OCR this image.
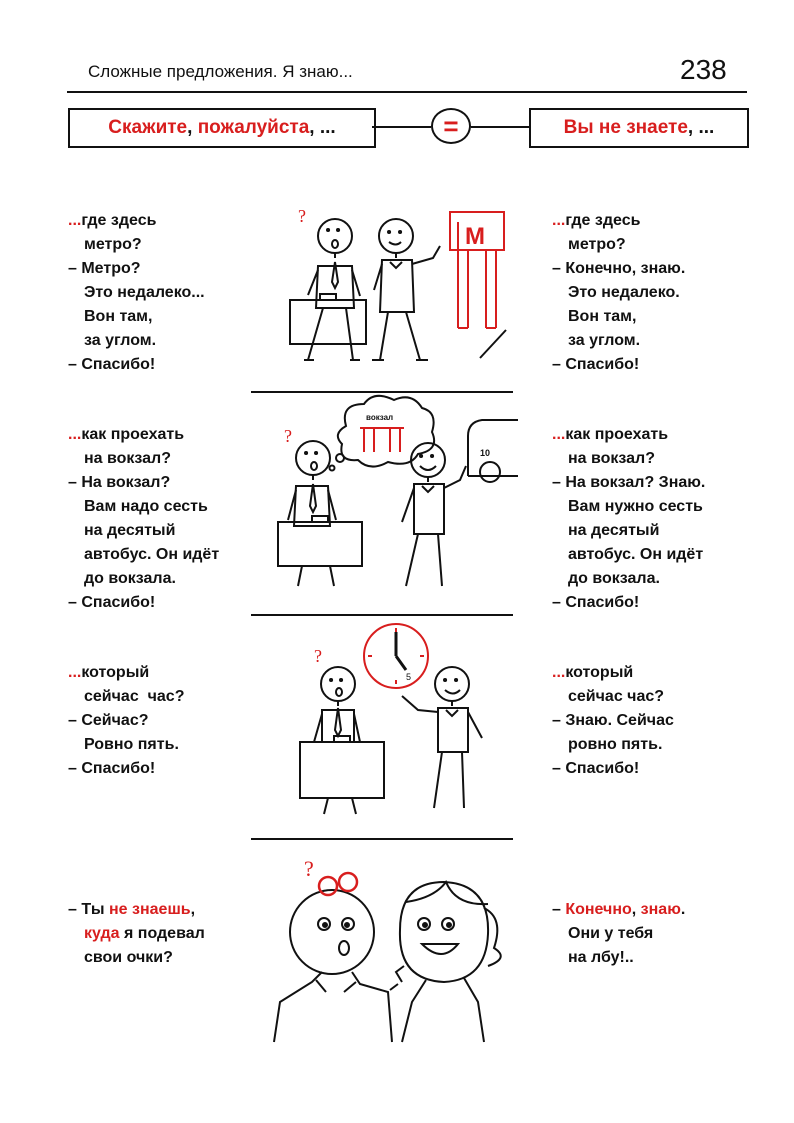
Сложные предложения. Я знаю...	238
Скажите ,
пожалуйста , ...	=	Вы не знаете , ...
...где здесь
метро?
– Метро?
Это недалеко...
Вон там,
за углом.
– Спасибо!
...где здесь
метро?
– Конечно, знаю.
Это недалеко.
Вон там,
за углом.
– Спасибо!
?
М
...как проехать
на вокзал?
– На вокзал?
Вам надо сесть
на десятый
автобус. Он идёт
до вокзала.
– Спасибо!
...как проехать
на вокзал?
– На вокзал? Знаю.
Вам нужно сесть
на десятый
автобус. Он идёт
до вокзала.
– Спасибо!
вокзал
10
?
...который
сейчас  час?
– Сейчас?
Ровно пять.
– Спасибо!
...который
сейчас час?
– Знаю. Сейчас
ровно пять.
– Спасибо!
5
?
– Ты не знаешь,
куда я подевал
свои очки?
– Конечно, знаю.
Они у тебя
на лбу!..
?
